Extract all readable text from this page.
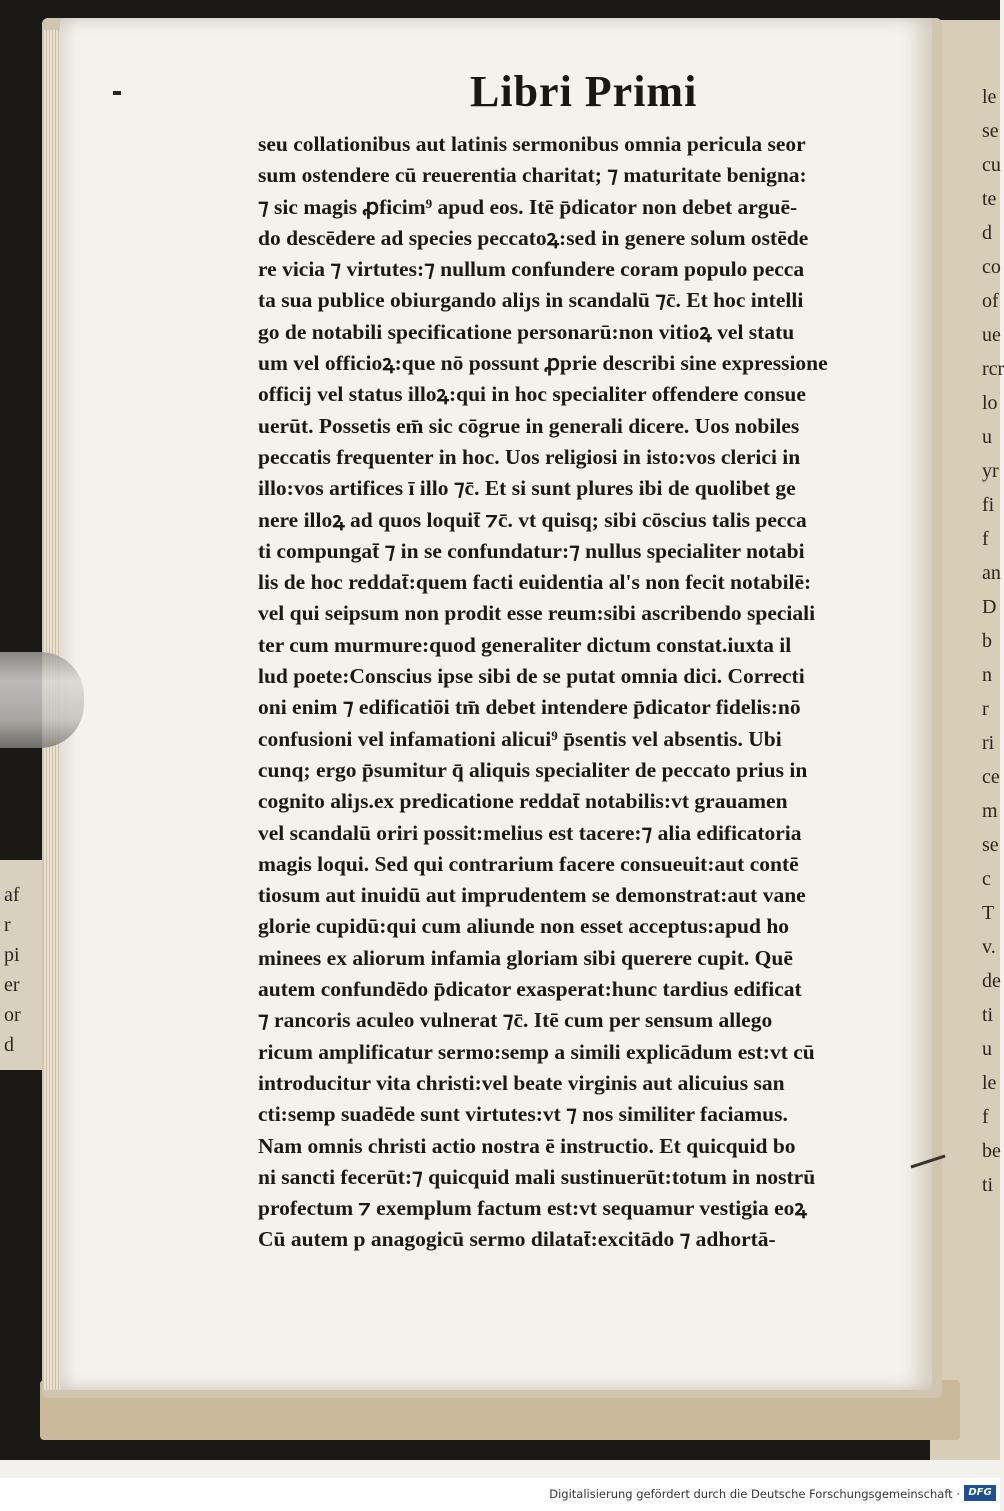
le
se
cu
te
d
co
of
ue
rcr
lo
u
yr
fi
f
an
D
b
n
r
ri
ce
m
se
c
T
v.
de
ti
u
le
f
be
ti
af
r
pi
er
or
d
Libri Primi
seu collationibus aut latinis sermonibus omnia pericula seor
sum ostendere cū reuerentia charitat; ⁊ maturitate benigna:
⁊ sic magis ꝓficim⁹ apud eos. Itē p̄dicator non debet arguē-
do descēdere ad species peccatoꝝ:sed in genere solum ostēde
re vicia ⁊ virtutes:⁊ nullum confundere coram populo pecca
ta sua publice obiurgando aliȷs in scandalū ⁊c̄. Et hoc intelli
go de notabili specificatione personarū:non vitioꝝ vel statu
um vel officioꝝ:que nō possunt ꝓprie describi sine expressione
officij vel status illoꝝ:qui in hoc specialiter offendere consue
uerūt. Possetis em̄ sic cōgrue in generali dicere. Uos nobiles
peccatis frequenter in hoc. Uos religiosi in isto:vos clerici in
illo:vos artifices ī illo ⁊c̄. Et si sunt plures ibi de quolibet ge
nere illoꝝ ad quos loquit̄ ⁊c̄. vt quisq; sibi cōscius talis pecca
ti compungat̄ ⁊ in se confundatur:⁊ nullus specialiter notabi
lis de hoc reddat̄:quem facti euidentia al's non fecit notabilē:
vel qui seipsum non prodit esse reum:sibi ascribendo speciali
ter cum murmure:quod generaliter dictum constat.iuxta il
lud poete:Conscius ipse sibi de se putat omnia dici. Correcti
oni enim ⁊ edificatiōi tm̄ debet intendere p̄dicator fidelis:nō
confusioni vel infamationi alicui⁹ p̄sentis vel absentis. Ubi
cunq; ergo p̄sumitur q̄ aliquis specialiter de peccato prius in
cognito aliȷs.ex predicatione reddat̄ notabilis:vt grauamen
vel scandalū oriri possit:melius est tacere:⁊ alia edificatoria
magis loqui. Sed qui contrarium facere consueuit:aut contē
tiosum aut inuidū aut imprudentem se demonstrat:aut vane
glorie cupidū:qui cum aliunde non esset acceptus:apud ho
minees ex aliorum infamia gloriam sibi querere cupit. Quē
autem confundēdo p̄dicator exasperat:hunc tardius edificat
⁊ rancoris aculeo vulnerat ⁊c̄. Itē cum per sensum allego
ricum amplificatur sermo:semp a simili explicādum est:vt cū
introducitur vita christi:vel beate virginis aut alicuius san
cti:semp suadēde sunt virtutes:vt ⁊ nos similiter faciamus.
Nam omnis christi actio nostra ē instructio. Et quicquid bo
ni sancti fecerūt:⁊ quicquid mali sustinuerūt:totum in nostrū
profectum ⁊ exemplum factum est:vt sequamur vestigia eoꝝ
Cū autem p anagogicū sermo dilatat̄:excitādo ⁊ adhortā-
Digitalisierung gefördert durch die Deutsche Forschungsgemeinschaft · DFG
